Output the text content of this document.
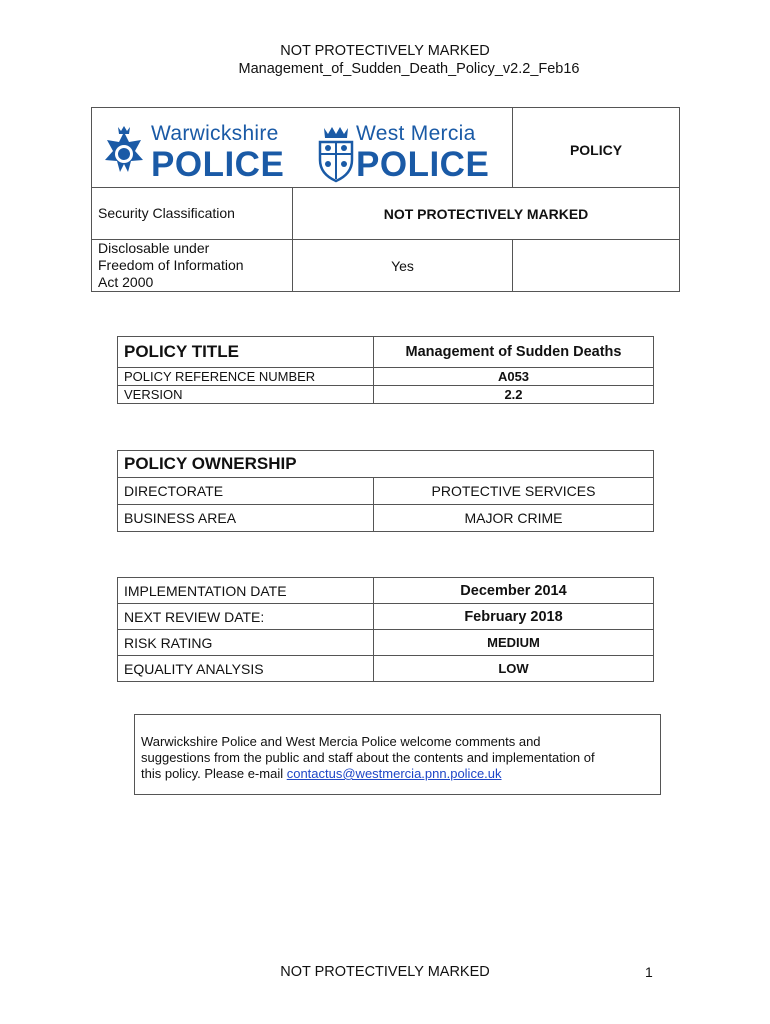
NOT PROTECTIVELY MARKED
Management_of_Sudden_Death_Policy_v2.2_Feb16
Warwickshire
POLICE
West Mercia
POLICE		POLICY
Security Classification	NOT PROTECTIVELY MARKED	

Disclosable under
Freedom of Information
Act 2000	Yes	
POLICY TITLE	Management of Sudden Deaths
POLICY REFERENCE NUMBER	A053
VERSION	2.2
POLICY OWNERSHIP	
DIRECTORATE	PROTECTIVE SERVICES
BUSINESS AREA	MAJOR CRIME
IMPLEMENTATION DATE	December 2014
NEXT REVIEW DATE:	February 2018
RISK RATING	MEDIUM
EQUALITY ANALYSIS	LOW
Warwickshire Police and West Mercia Police welcome comments and
suggestions from the public and staff about the contents and implementation of
this policy. Please e-mail contactus@westmercia.pnn.police.uk
NOT PROTECTIVELY MARKED	1
